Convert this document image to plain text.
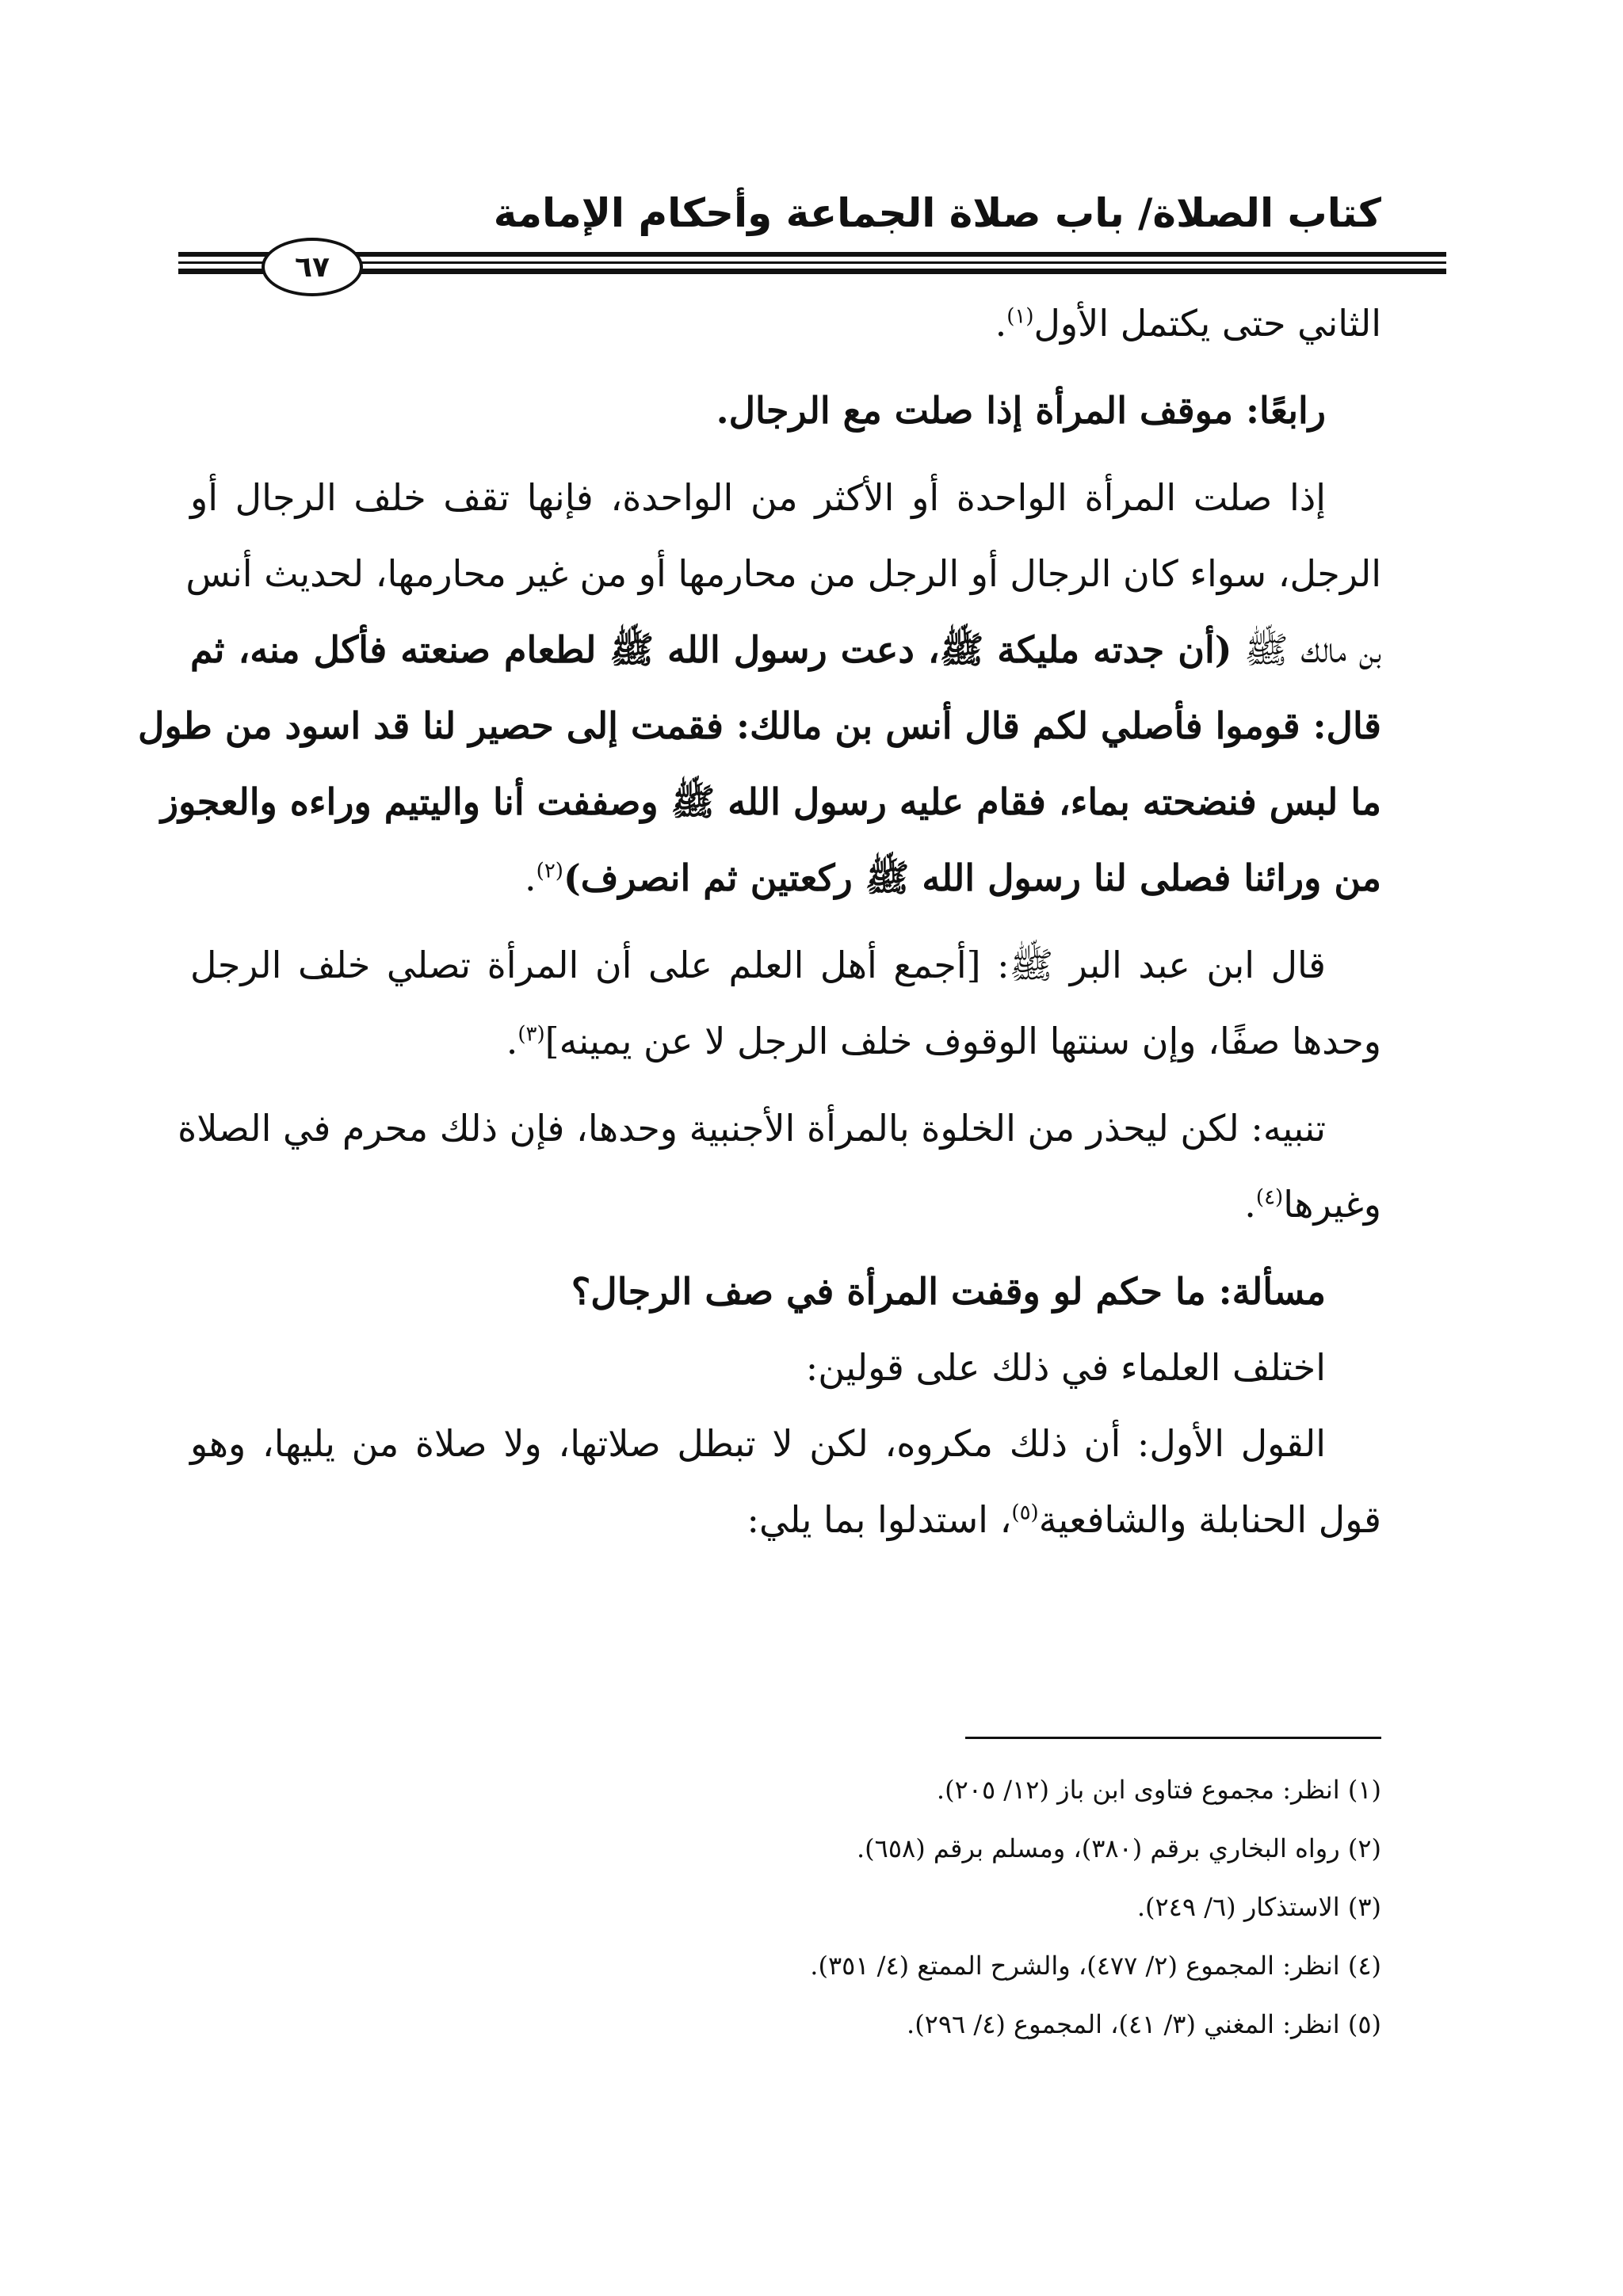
كتاب الصلاة/ باب صلاة الجماعة وأحكام الإمامة
٦٧
الثاني حتى يكتمل الأول$^{(١)}$.
رابعًا: موقف المرأة إذا صلت مع الرجال.
إذا صلت المرأة الواحدة أو الأكثر من الواحدة، فإنها تقف خلف الرجال أو
الرجل، سواء كان الرجال أو الرجل من محارمها أو من غير محارمها، لحديث أنس
بن مالك ﷺ (أن جدته مليكة ﷺ، دعت رسول الله ﷺ لطعام صنعته فأكل منه، ثم
قال: قوموا فأصلي لكم قال أنس بن مالك: فقمت إلى حصير لنا قد اسود من طول
ما لبس فنضحته بماء، فقام عليه رسول الله ﷺ وصففت أنا واليتيم وراءه والعجوز
من ورائنا فصلى لنا رسول الله ﷺ ركعتين ثم انصرف)$^{(٢)}$.
قال ابن عبد البر ﷺ: [أجمع أهل العلم على أن المرأة تصلي خلف الرجل
وحدها صفًا، وإن سنتها الوقوف خلف الرجل لا عن يمينه]$^{(٣)}$.
تنبيه: لكن ليحذر من الخلوة بالمرأة الأجنبية وحدها، فإن ذلك محرم في الصلاة
وغيرها$^{(٤)}$.
مسألة: ما حكم لو وقفت المرأة في صف الرجال؟
اختلف العلماء في ذلك على قولين:
القول الأول: أن ذلك مكروه، لكن لا تبطل صلاتها، ولا صلاة من يليها، وهو
قول الحنابلة والشافعية$^{(٥)}$، استدلوا بما يلي:
(١) انظر: مجموع فتاوى ابن باز (١٢/ ٢٠٥).
(٢) رواه البخاري برقم (٣٨٠)، ومسلم برقم (٦٥٨).
(٣) الاستذكار (٦/ ٢٤٩).
(٤) انظر: المجموع (٢/ ٤٧٧)، والشرح الممتع (٤/ ٣٥١).
(٥) انظر: المغني (٣/ ٤١)، المجموع (٤/ ٢٩٦).
